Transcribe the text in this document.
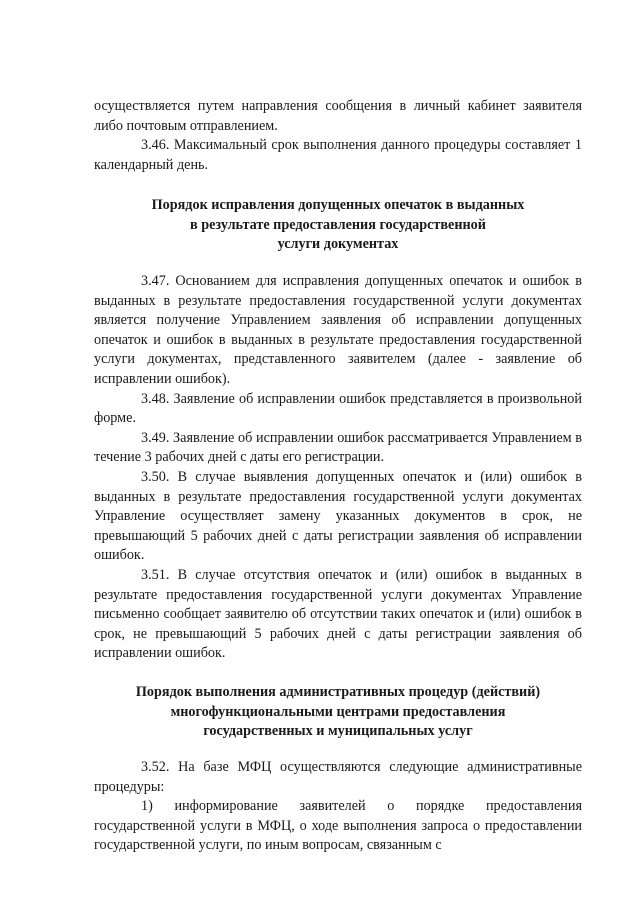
осуществляется путем направления сообщения в личный кабинет заявителя либо почтовым отправлением.

3.46. Максимальный срок выполнения данного процедуры составляет 1 календарный день.

Порядок исправления допущенных опечаток в выданных
в результате предоставления государственной
услуги документах

3.47. Основанием для исправления допущенных опечаток и ошибок в выданных в результате предоставления государственной услуги документах является получение Управлением заявления об исправлении допущенных опечаток и ошибок в выданных в результате предоставления государственной услуги документах, представленного заявителем (далее - заявление об исправлении ошибок).

3.48. Заявление об исправлении ошибок представляется в произвольной форме.

3.49. Заявление об исправлении ошибок рассматривается Управлением в течение 3 рабочих дней с даты его регистрации.

3.50. В случае выявления допущенных опечаток и (или) ошибок в выданных в результате предоставления государственной услуги документах Управление осуществляет замену указанных документов в срок, не превышающий 5 рабочих дней с даты регистрации заявления об исправлении ошибок.

3.51. В случае отсутствия опечаток и (или) ошибок в выданных в результате предоставления государственной услуги документах Управление письменно сообщает заявителю об отсутствии таких опечаток и (или) ошибок в срок, не превышающий 5 рабочих дней с даты регистрации заявления об исправлении ошибок.

Порядок выполнения административных процедур (действий)
многофункциональными центрами предоставления
государственных и муниципальных услуг

3.52. На базе МФЦ осуществляются следующие административные процедуры:

1) информирование заявителей о порядке предоставления государственной услуги в МФЦ, о ходе выполнения запроса о предоставлении государственной услуги, по иным вопросам, связанным с
